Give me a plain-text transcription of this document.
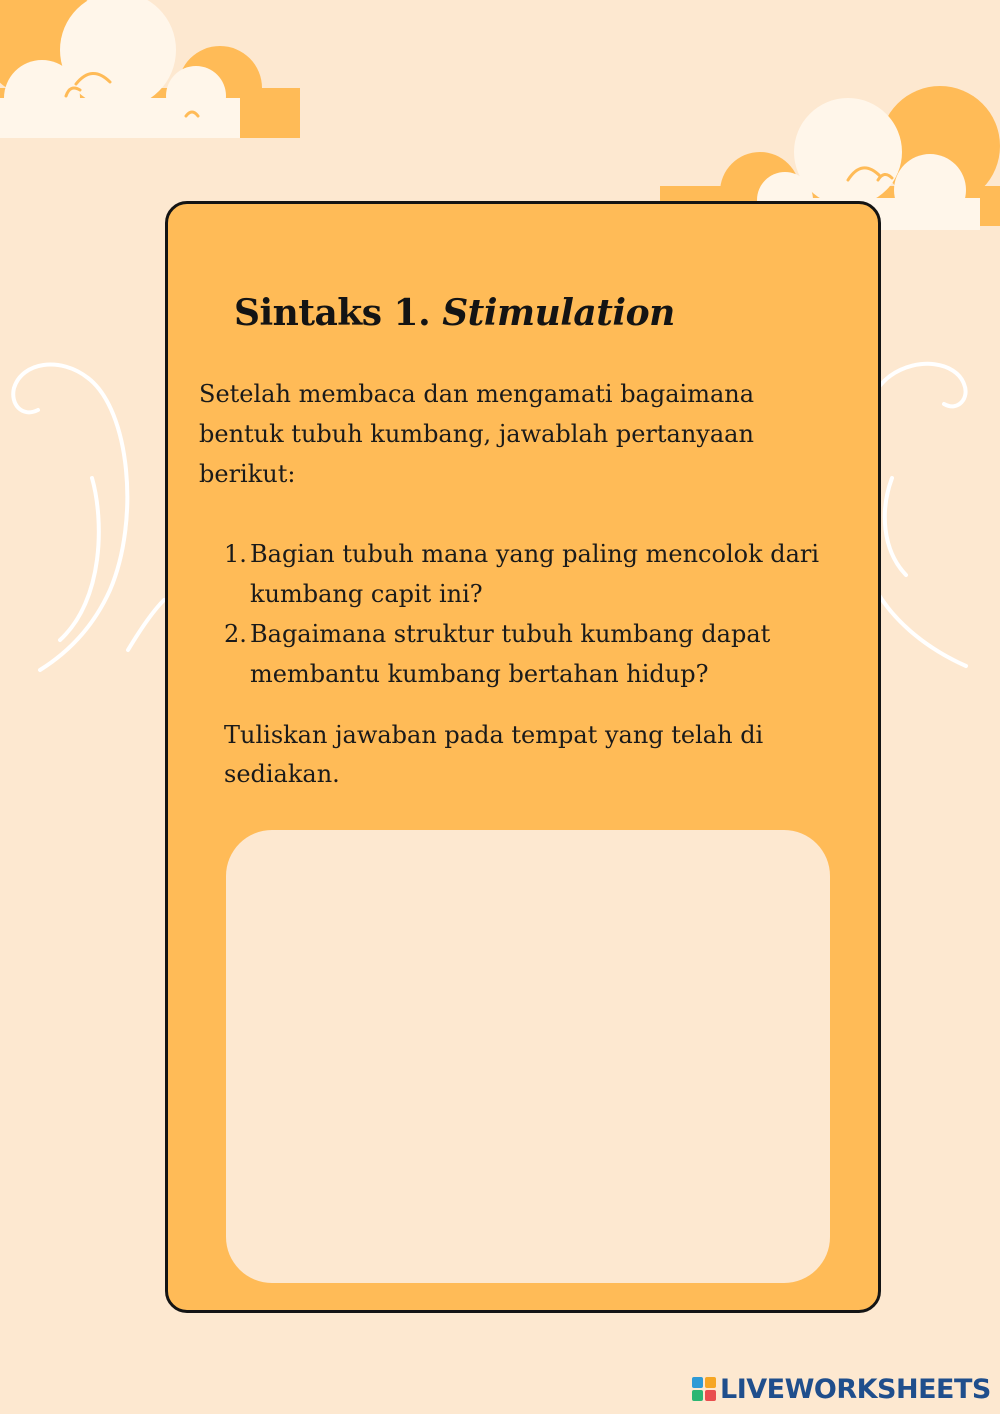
Sintaks 1. Stimulation

Setelah membaca dan mengamati bagaimana bentuk tubuh kumbang, jawablah pertanyaan berikut:

1. Bagian tubuh mana yang paling mencolok dari kumbang capit ini?
2. Bagaimana struktur tubuh kumbang dapat membantu kumbang bertahan hidup?

Tuliskan jawaban pada tempat yang telah di sediakan.

LIVEWORKSHEETS
